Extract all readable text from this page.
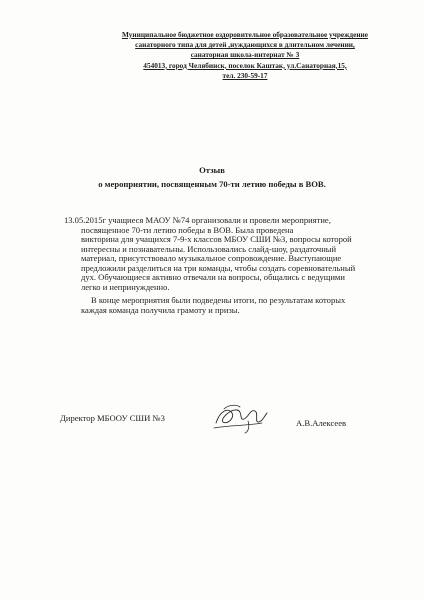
Муниципальное бюджетное оздоровительное образовательное учреждение
санаторного типа для детей ,нуждающихся в длительном лечении,
санаторная школа-интернат № 3
454013, город Челябинск, поселок Каштак, ул.Санаторная,15,
тел. 230-59-17
Отзыв
о мероприятии, посвященным 70-ти летию победы в ВОВ.

13.05.2015г учащиеся МАОУ №74 организовали и провели мероприятие,
посвященное 70-ти летию победы в ВОВ. Была проведена
викторина для учащихся 7-9-х классов МБОУ СШИ №3, вопросы которой
интересны и познавательны. Использовались слайд-шоу, раздаточный
материал, присутствовало музыкальное сопровождение. Выступающие
предложили разделиться на три команды, чтобы создать соревновательный
дух. Обучающиеся активно отвечали на вопросы, общались с ведущими
легко и непринужденно.

В конце мероприятия были подведены итоги, по результатам которых
каждая команда получила грамоту и призы.

Директор МБООУ СШИ №3	А.В.Алексеев
